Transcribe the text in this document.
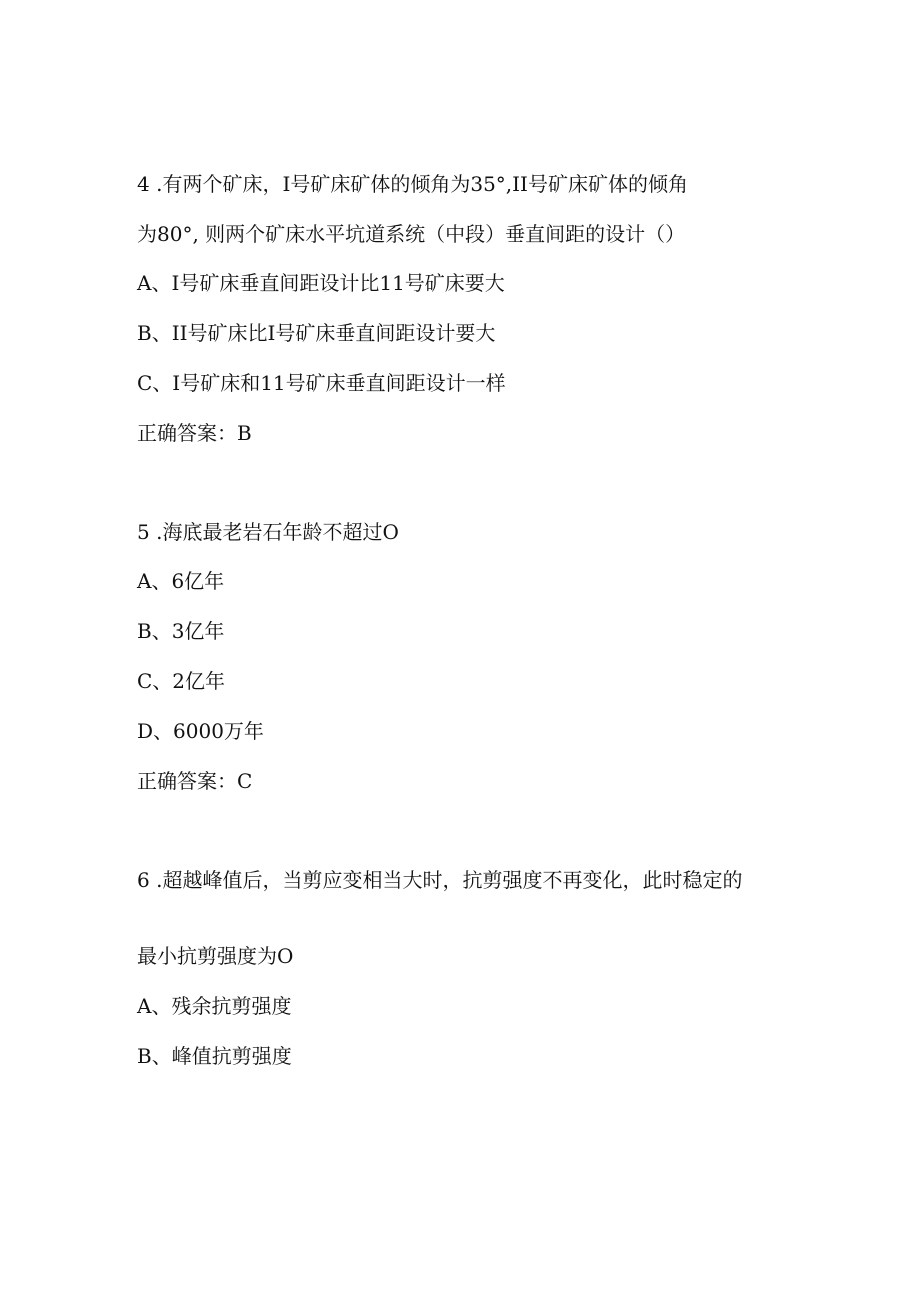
4 .有两个矿床，I号矿床矿体的倾角为35°,II号矿床矿体的倾角

为80°, 则两个矿床水平坑道系统（中段）垂直间距的设计（）

A、I号矿床垂直间距设计比11号矿床要大

B、II号矿床比I号矿床垂直间距设计要大

C、I号矿床和11号矿床垂直间距设计一样

正确答案：B

5 .海底最老岩石年龄不超过O

A、6亿年

B、3亿年

C、2亿年

D、6000万年

正确答案：C

6 .超越峰值后，当剪应变相当大时，抗剪强度不再变化，此时稳定的

最小抗剪强度为O

A、残余抗剪强度

B、峰值抗剪强度
